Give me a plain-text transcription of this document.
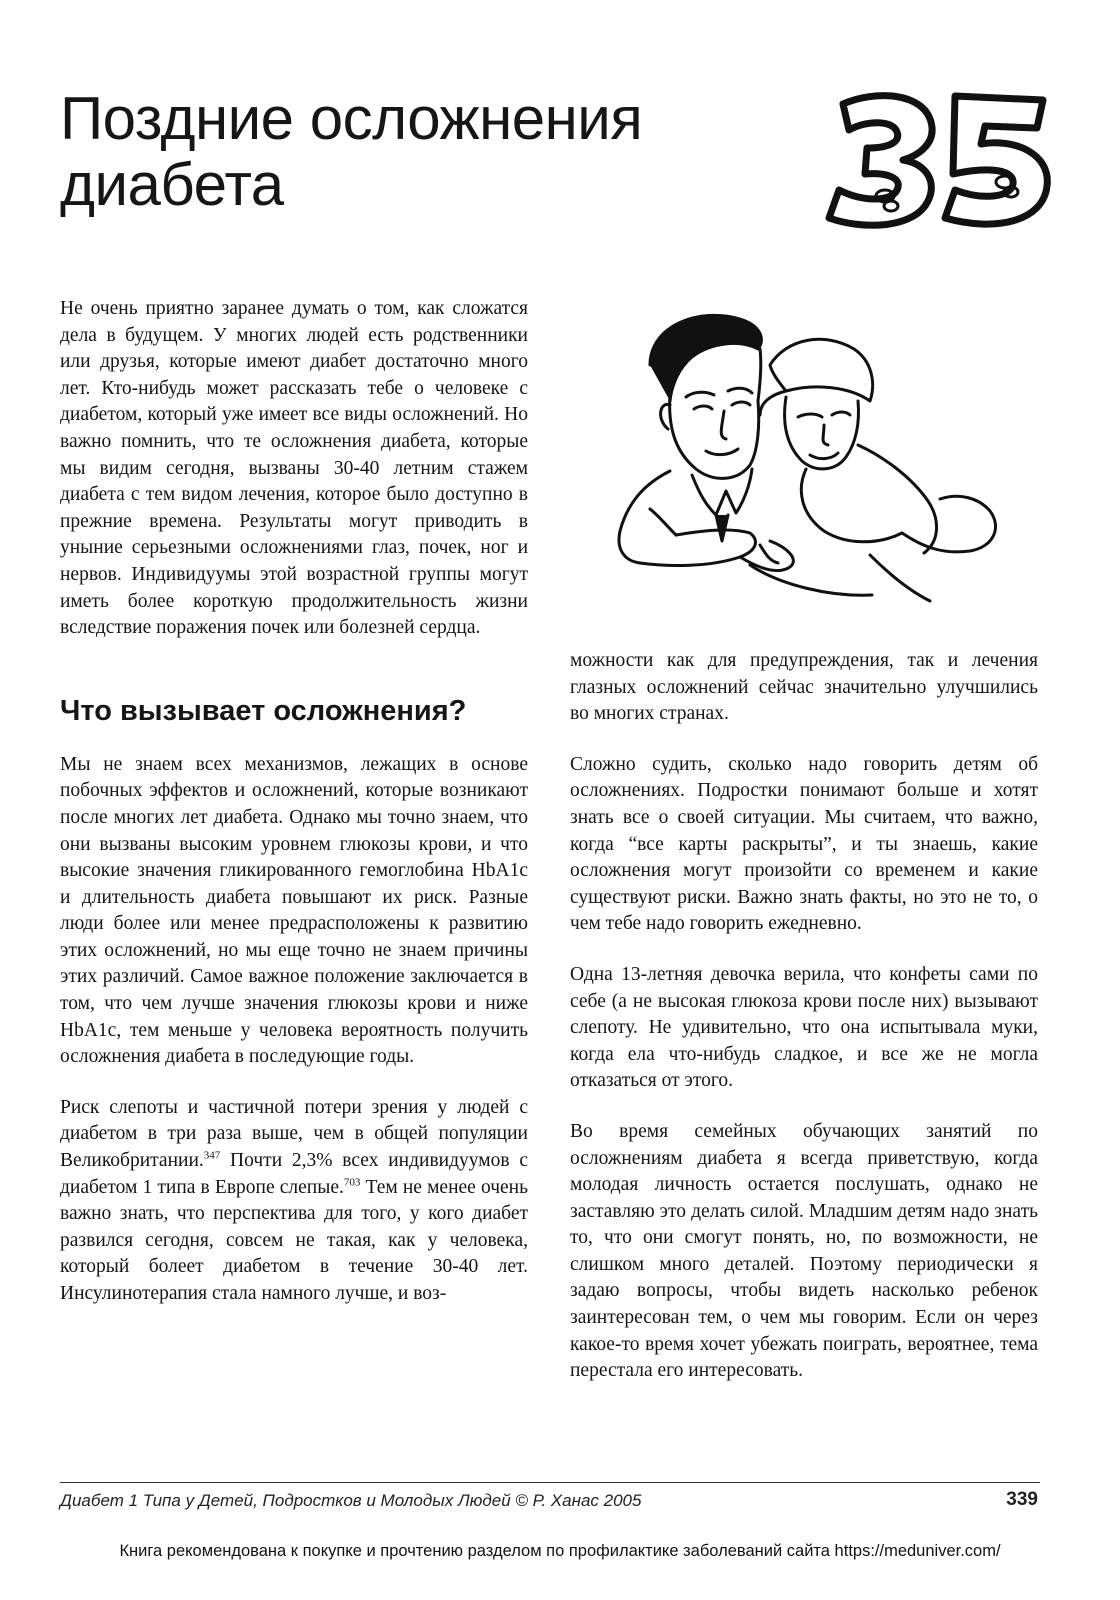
Поздние осложнения
диабета

Не очень приятно заранее думать о том, как сложатся дела в будущем. У многих людей есть родственники или друзья, которые имеют диабет достаточно много лет. Кто-нибудь может рассказать тебе о человеке с диабетом, который уже имеет все виды осложнений. Но важно помнить, что те осложнения диабета, которые мы видим сегодня, вызваны 30-40 летним стажем диабета с тем видом лечения, которое было доступно в прежние времена. Результаты могут приводить в уныние серьезными осложнениями глаз, почек, ног и нервов. Индивидуумы этой возрастной группы могут иметь более короткую продолжительность жизни вследствие поражения почек или болезней сердца.

Что вызывает осложнения?

Мы не знаем всех механизмов, лежащих в основе побочных эффектов и осложнений, которые возникают после многих лет диабета. Однако мы точно знаем, что они вызваны высоким уровнем глюкозы крови, и что высокие значения гликированного гемоглобина HbA1c и длительность диабета повышают их риск. Разные люди более или менее предрасположены к развитию этих осложнений, но мы еще точно не знаем причины этих различий. Самое важное положение заключается в том, что чем лучше значения глюкозы крови и ниже HbA1c, тем меньше у человека вероятность получить осложнения диабета в последующие годы.

Риск слепоты и частичной потери зрения у людей с диабетом в три раза выше, чем в общей популяции Великобритании.$^{347}$ Почти 2,3% всех индивидуумов с диабетом 1 типа в Европе слепые.$^{703}$ Тем не менее очень важно знать, что перспектива для того, у кого диабет развился сегодня, совсем не такая, как у человека, который болеет диабетом в течение 30-40 лет. Инсулинотерапия стала намного лучше, и воз-

можности как для предупреждения, так и лечения глазных осложнений сейчас значительно улучшились во многих странах.

Сложно судить, сколько надо говорить детям об осложнениях. Подростки понимают больше и хотят знать все о своей ситуации. Мы считаем, что важно, когда “все карты раскрыты”, и ты знаешь, какие осложнения могут произойти со временем и какие существуют риски. Важно знать факты, но это не то, о чем тебе надо говорить ежедневно.

Одна 13-летняя девочка верила, что конфеты сами по себе (а не высокая глюкоза крови после них) вызывают слепоту. Не удивительно, что она испытывала муки, когда ела что-нибудь сладкое, и все же не могла отказаться от этого.

Во время семейных обучающих занятий по осложнениям диабета я всегда приветствую, когда молодая личность остается послушать, однако не заставляю это делать силой. Младшим детям надо знать то, что они смогут понять, но, по возможности, не слишком много деталей. Поэтому периодически я задаю вопросы, чтобы видеть насколько ребенок заинтересован тем, о чем мы говорим. Если он через какое-то время хочет убежать поиграть, вероятнее, тема перестала его интересовать.

Диабет 1 Типа у Детей, Подростков и Молодых Людей © Р. Ханас 2005	339
Книга рекомендована к покупке и прочтению разделом по профилактике заболеваний сайта https://meduniver.com/
